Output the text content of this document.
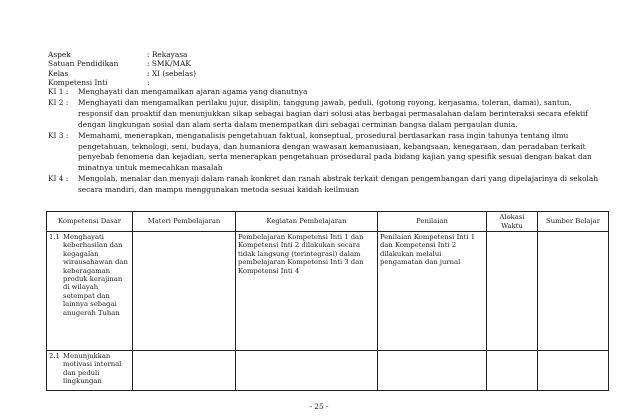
Aspek	: Rekayasa
Satuan Pendidikan	: SMK/MAK
Kelas	: XI (sebelas)
Kompetensi Inti	:
KI 1 :	Menghayati dan mengamalkan ajaran agama yang dianutnya
KI 2 :	Menghayati dan mengamalkan perilaku jujur, disiplin, tanggung jawab, peduli, (gotong royong, kerjasama, toleran, damai), santun, responsif dan proaktif dan menunjukkan sikap sebagai bagian dari solusi atas berbagai permasalahan dalam berinteraksi secara efektif dengan lingkungan sosial dan alam serta dalam menempatkan diri sebagai cerminan bangsa dalam pergaulan dunia.
KI 3 :	Memahami, menerapkan, menganalisis pengetahuan faktual, konseptual, prosedural berdasarkan rasa ingin tahunya tentang ilmu pengetahuan, teknologi, seni, budaya, dan humaniora dengan wawasan kemanusiaan, kebangsaan, kenegaraan, dan peradaban terkait penyebab fenomena dan kejadian, serta menerapkan pengetahuan prosedural pada bidang kajian yang spesifik sesuai dengan bakat dan minatnya untuk memecahkan masalah
KI 4 :	Mengolah, menalar dan menyaji dalam ranah konkret dan ranah abstrak terkait dengan pengembangan dari yang dipelajarinya di sekolah secara mandiri, dan mampu menggunakan metoda sesuai kaidah keilmuan
Kompetensi Dasar	Materi Pembelajaran	Kegiatan Pembelajaran	Penilaian	Alokasi Waktu	Sumber Belajar

1.1 Menghayati keberhasilan dan kegagalan wirausahawan dan keberagaman produk kerajinan di wilayah setempat dan lainnya sebagai anugerah Tuhan		Pembelajaran Kompetensi Inti 1 dan Kompetensi Inti 2 dilakukan secara tidak langsung (terintegrasi) dalam pembelajaran Kompetensi Inti 3 dan Kompetensi Inti 4	Penilaian Kompetensi Inti 1 dan Kompetensi Inti 2 dilakukan melalui pengamatan dan jurnal		

2.1 Menunjukkan motivasi internal dan peduli lingkungan					

- 25 -
